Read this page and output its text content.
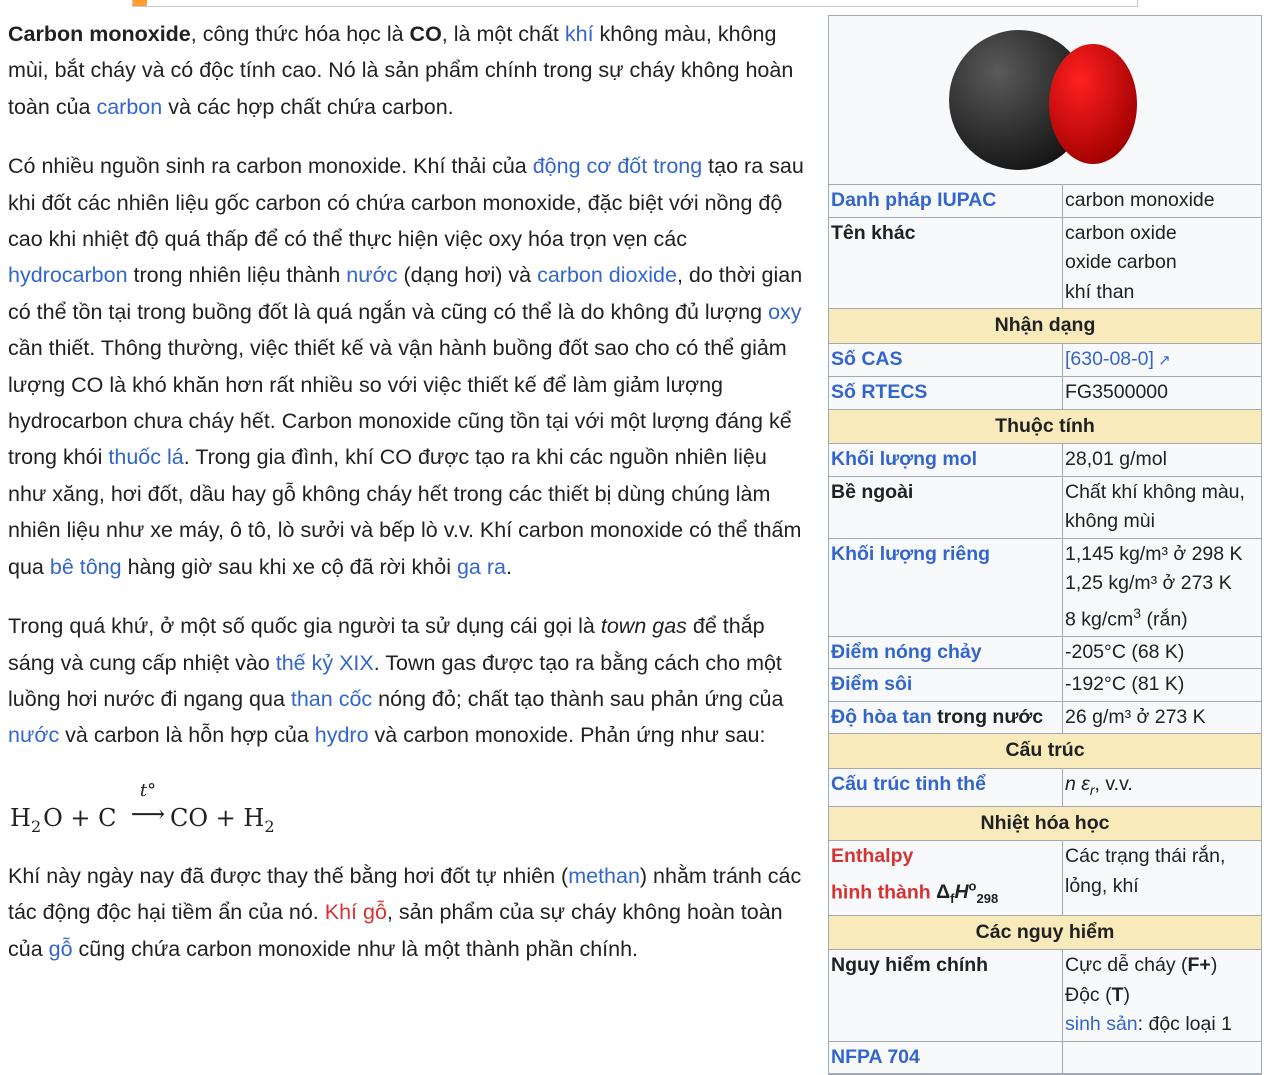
Carbon monoxide, công thức hóa học là CO, là một chất khí không màu, không mùi, bắt cháy và có độc tính cao. Nó là sản phẩm chính trong sự cháy không hoàn toàn của carbon và các hợp chất chứa carbon.

Có nhiều nguồn sinh ra carbon monoxide. Khí thải của động cơ đốt trong tạo ra sau khi đốt các nhiên liệu gốc carbon có chứa carbon monoxide, đặc biệt với nồng độ cao khi nhiệt độ quá thấp để có thể thực hiện việc oxy hóa trọn vẹn các hydrocarbon trong nhiên liệu thành nước (dạng hơi) và carbon dioxide, do thời gian có thể tồn tại trong buồng đốt là quá ngắn và cũng có thể là do không đủ lượng oxy cần thiết. Thông thường, việc thiết kế và vận hành buồng đốt sao cho có thể giảm lượng CO là khó khăn hơn rất nhiều so với việc thiết kế để làm giảm lượng hydrocarbon chưa cháy hết. Carbon monoxide cũng tồn tại với một lượng đáng kể trong khói thuốc lá. Trong gia đình, khí CO được tạo ra khi các nguồn nhiên liệu như xăng, hơi đốt, dầu hay gỗ không cháy hết trong các thiết bị dùng chúng làm nhiên liệu như xe máy, ô tô, lò sưởi và bếp lò v.v. Khí carbon monoxide có thể thấm qua bê tông hàng giờ sau khi xe cộ đã rời khỏi ga ra.

Trong quá khứ, ở một số quốc gia người ta sử dụng cái gọi là town gas để thắp sáng và cung cấp nhiệt vào thế kỷ XIX. Town gas được tạo ra bằng cách cho một luồng hơi nước đi ngang qua than cốc nóng đỏ; chất tạo thành sau phản ứng của nước và carbon là hỗn hợp của hydro và carbon monoxide. Phản ứng như sau:

$H_2O + C$
t°
⟶ CO + $H_2$

Khí này ngày nay đã được thay thế bằng hơi đốt tự nhiên (methan) nhằm tránh các tác động độc hại tiềm ẩn của nó. Khí gỗ, sản phẩm của sự cháy không hoàn toàn của gỗ cũng chứa carbon monoxide như là một thành phần chính.

Danh pháp IUPAC	carbon monoxide
Tên khác	carbon oxide
oxide carbon
khí than

Nhận dạng	
Số CAS	[630-08-0] ↗
Số RTECS	FG3500000
Thuộc tính	
Khối lượng mol	28,01 g/mol
Bề ngoài	Chất khí không màu, không mùi
Khối lượng riêng	1,145 kg/m³ ở 298 K
1,25 kg/m³ ở 273 K
8 $kg/cm^3$ (rắn)

Điểm nóng chảy	-205°C (68 K)
Điểm sôi	-192°C (81 K)
Độ hòa tan trong nước	26 g/m³ ở 273 K
Cấu trúc	
Cấu trúc tinh thể	n $\varepsilon_r$, v.v.
Nhiệt hóa học	
Enthalpy
hình thành $\Delta_fH^o_{298}$	Các trạng thái rắn, lỏng, khí
Các nguy hiểm	
Nguy hiểm chính	Cực dễ cháy (F+)
Độc (T)
sinh sản: độc loại 1

NFPA 704	
